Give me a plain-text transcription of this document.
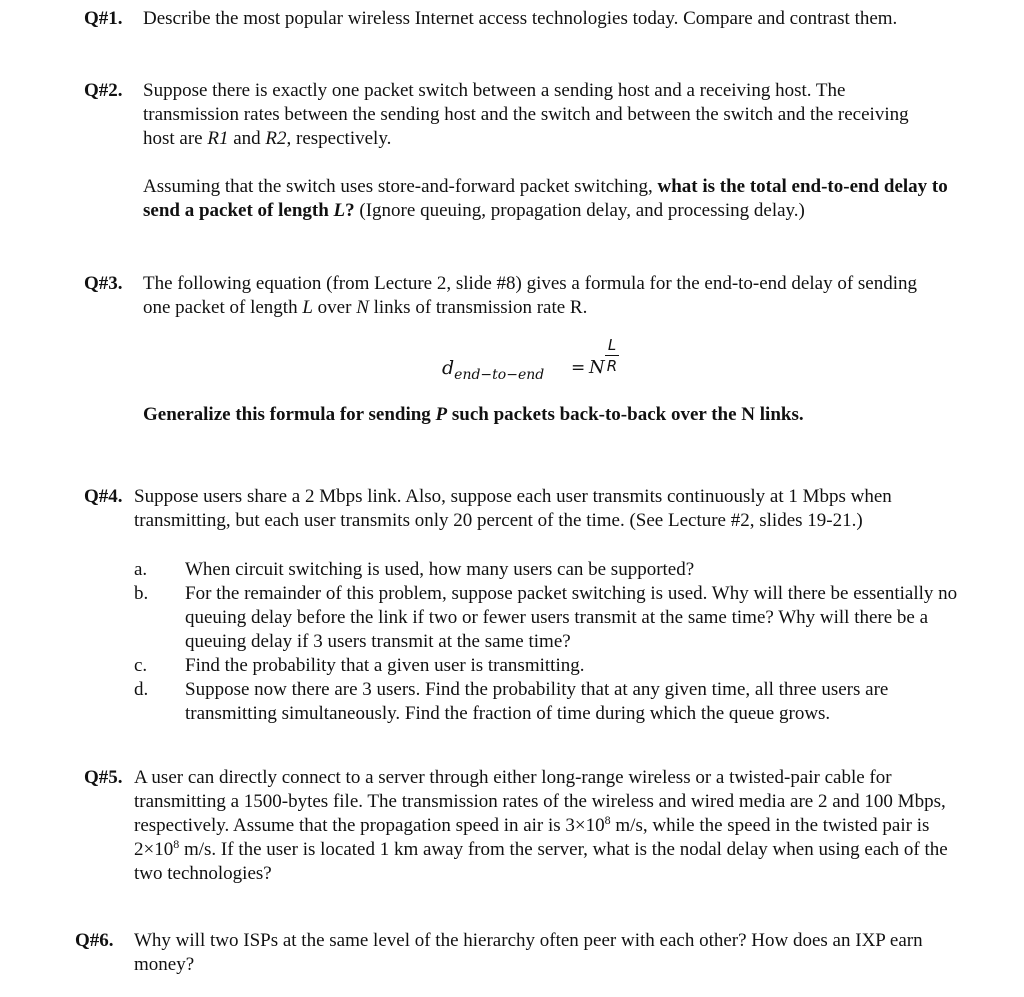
Q#1. Describe the most popular wireless Internet access technologies today. Compare and contrast them.
Q#2. Suppose there is exactly one packet switch between a sending host and a receiving host. The transmission rates between the sending host and the switch and between the switch and the receiving host are R1 and R2, respectively.
Assuming that the switch uses store-and-forward packet switching, what is the total end-to-end delay to send a packet of length L? (Ignore queuing, propagation delay, and processing delay.)
Q#3. The following equation (from Lecture 2, slide #8) gives a formula for the end-to-end delay of sending one packet of length L over N links of transmission rate R.
$d_{end-to-end} = N$
L
R
Generalize this formula for sending P such packets back-to-back over the N links.
Q#4. Suppose users share a 2 Mbps link. Also, suppose each user transmits continuously at 1 Mbps when transmitting, but each user transmits only 20 percent of the time. (See Lecture #2, slides 19-21.)
a. When circuit switching is used, how many users can be supported?
b. For the remainder of this problem, suppose packet switching is used. Why will there be essentially no queuing delay before the link if two or fewer users transmit at the same time? Why will there be a queuing delay if 3 users transmit at the same time?
c. Find the probability that a given user is transmitting.
d. Suppose now there are 3 users. Find the probability that at any given time, all three users are transmitting simultaneously. Find the fraction of time during which the queue grows.
Q#5. A user can directly connect to a server through either long-range wireless or a twisted-pair cable for transmitting a 1500-bytes file. The transmission rates of the wireless and wired media are 2 and 100 Mbps, respectively. Assume that the propagation speed in air is $3\times 10^8$ m/s, while the speed in the twisted pair is $2\times 10^8$ m/s. If the user is located 1 km away from the server, what is the nodal delay when using each of the two technologies?
Q#6. Why will two ISPs at the same level of the hierarchy often peer with each other? How does an IXP earn money?
